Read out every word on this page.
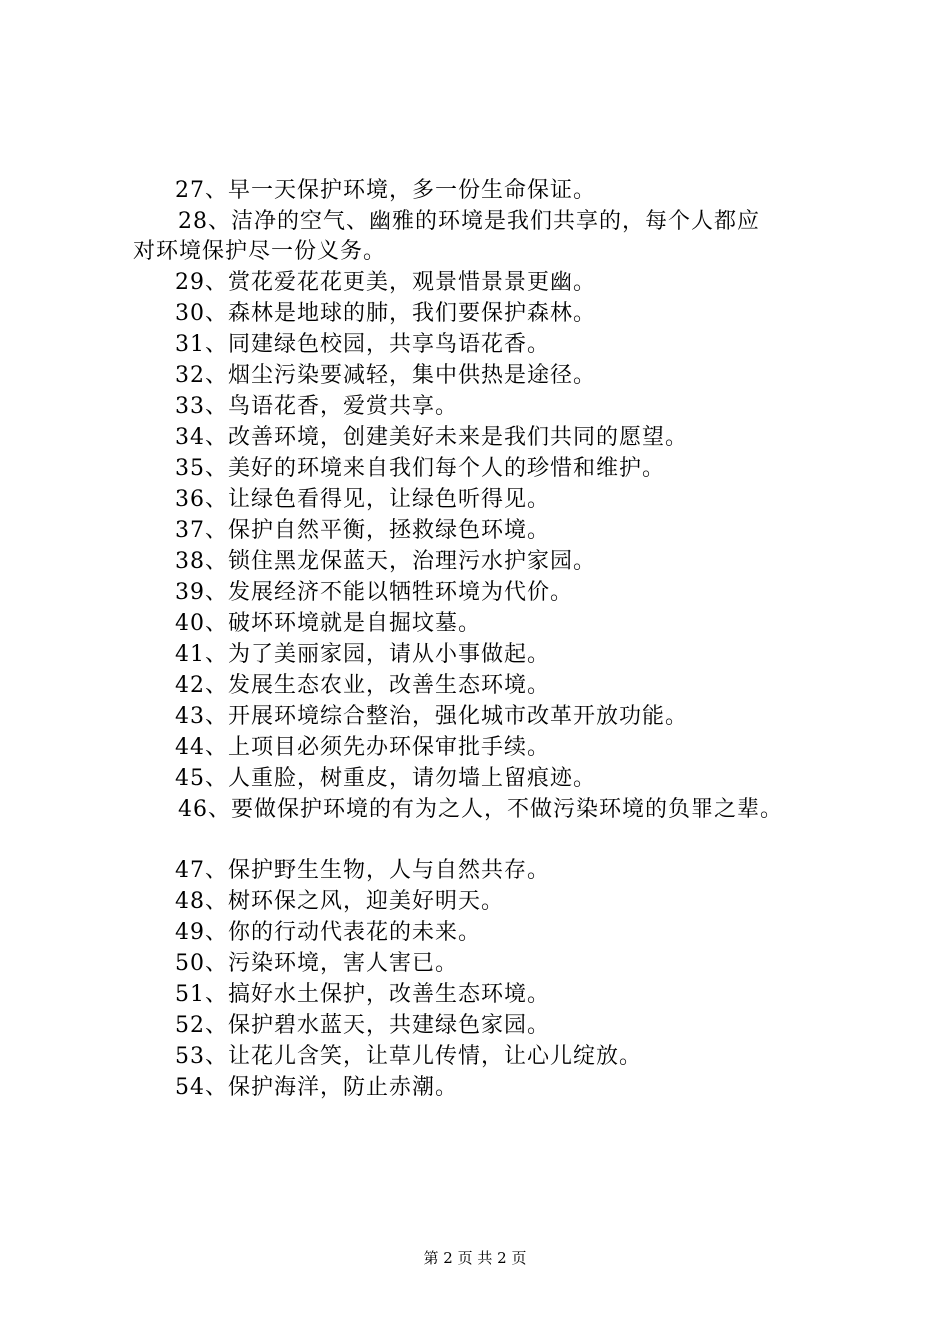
27、早一天保护环境，多一份生命保证。
28、洁净的空气、幽雅的环境是我们共享的，每个人都应
对环境保护尽一份义务。
29、赏花爱花花更美，观景惜景景更幽。
30、森林是地球的肺，我们要保护森林。
31、同建绿色校园，共享鸟语花香。
32、烟尘污染要减轻，集中供热是途径。
33、鸟语花香，爱赏共享。
34、改善环境，创建美好未来是我们共同的愿望。
35、美好的环境来自我们每个人的珍惜和维护。
36、让绿色看得见，让绿色听得见。
37、保护自然平衡，拯救绿色环境。
38、锁住黑龙保蓝天，治理污水护家园。
39、发展经济不能以牺牲环境为代价。
40、破坏环境就是自掘坟墓。
41、为了美丽家园，请从小事做起。
42、发展生态农业，改善生态环境。
43、开展环境综合整治，强化城市改革开放功能。
44、上项目必须先办环保审批手续。
45、人重脸，树重皮，请勿墙上留痕迹。
46、要做保护环境的有为之人，不做污染环境的负罪之辈。
47、保护野生生物，人与自然共存。
48、树环保之风，迎美好明天。
49、你的行动代表花的未来。
50、污染环境，害人害已。
51、搞好水土保护，改善生态环境。
52、保护碧水蓝天，共建绿色家园。
53、让花儿含笑，让草儿传情，让心儿绽放。
54、保护海洋，防止赤潮。
第 2 页 共 2 页
